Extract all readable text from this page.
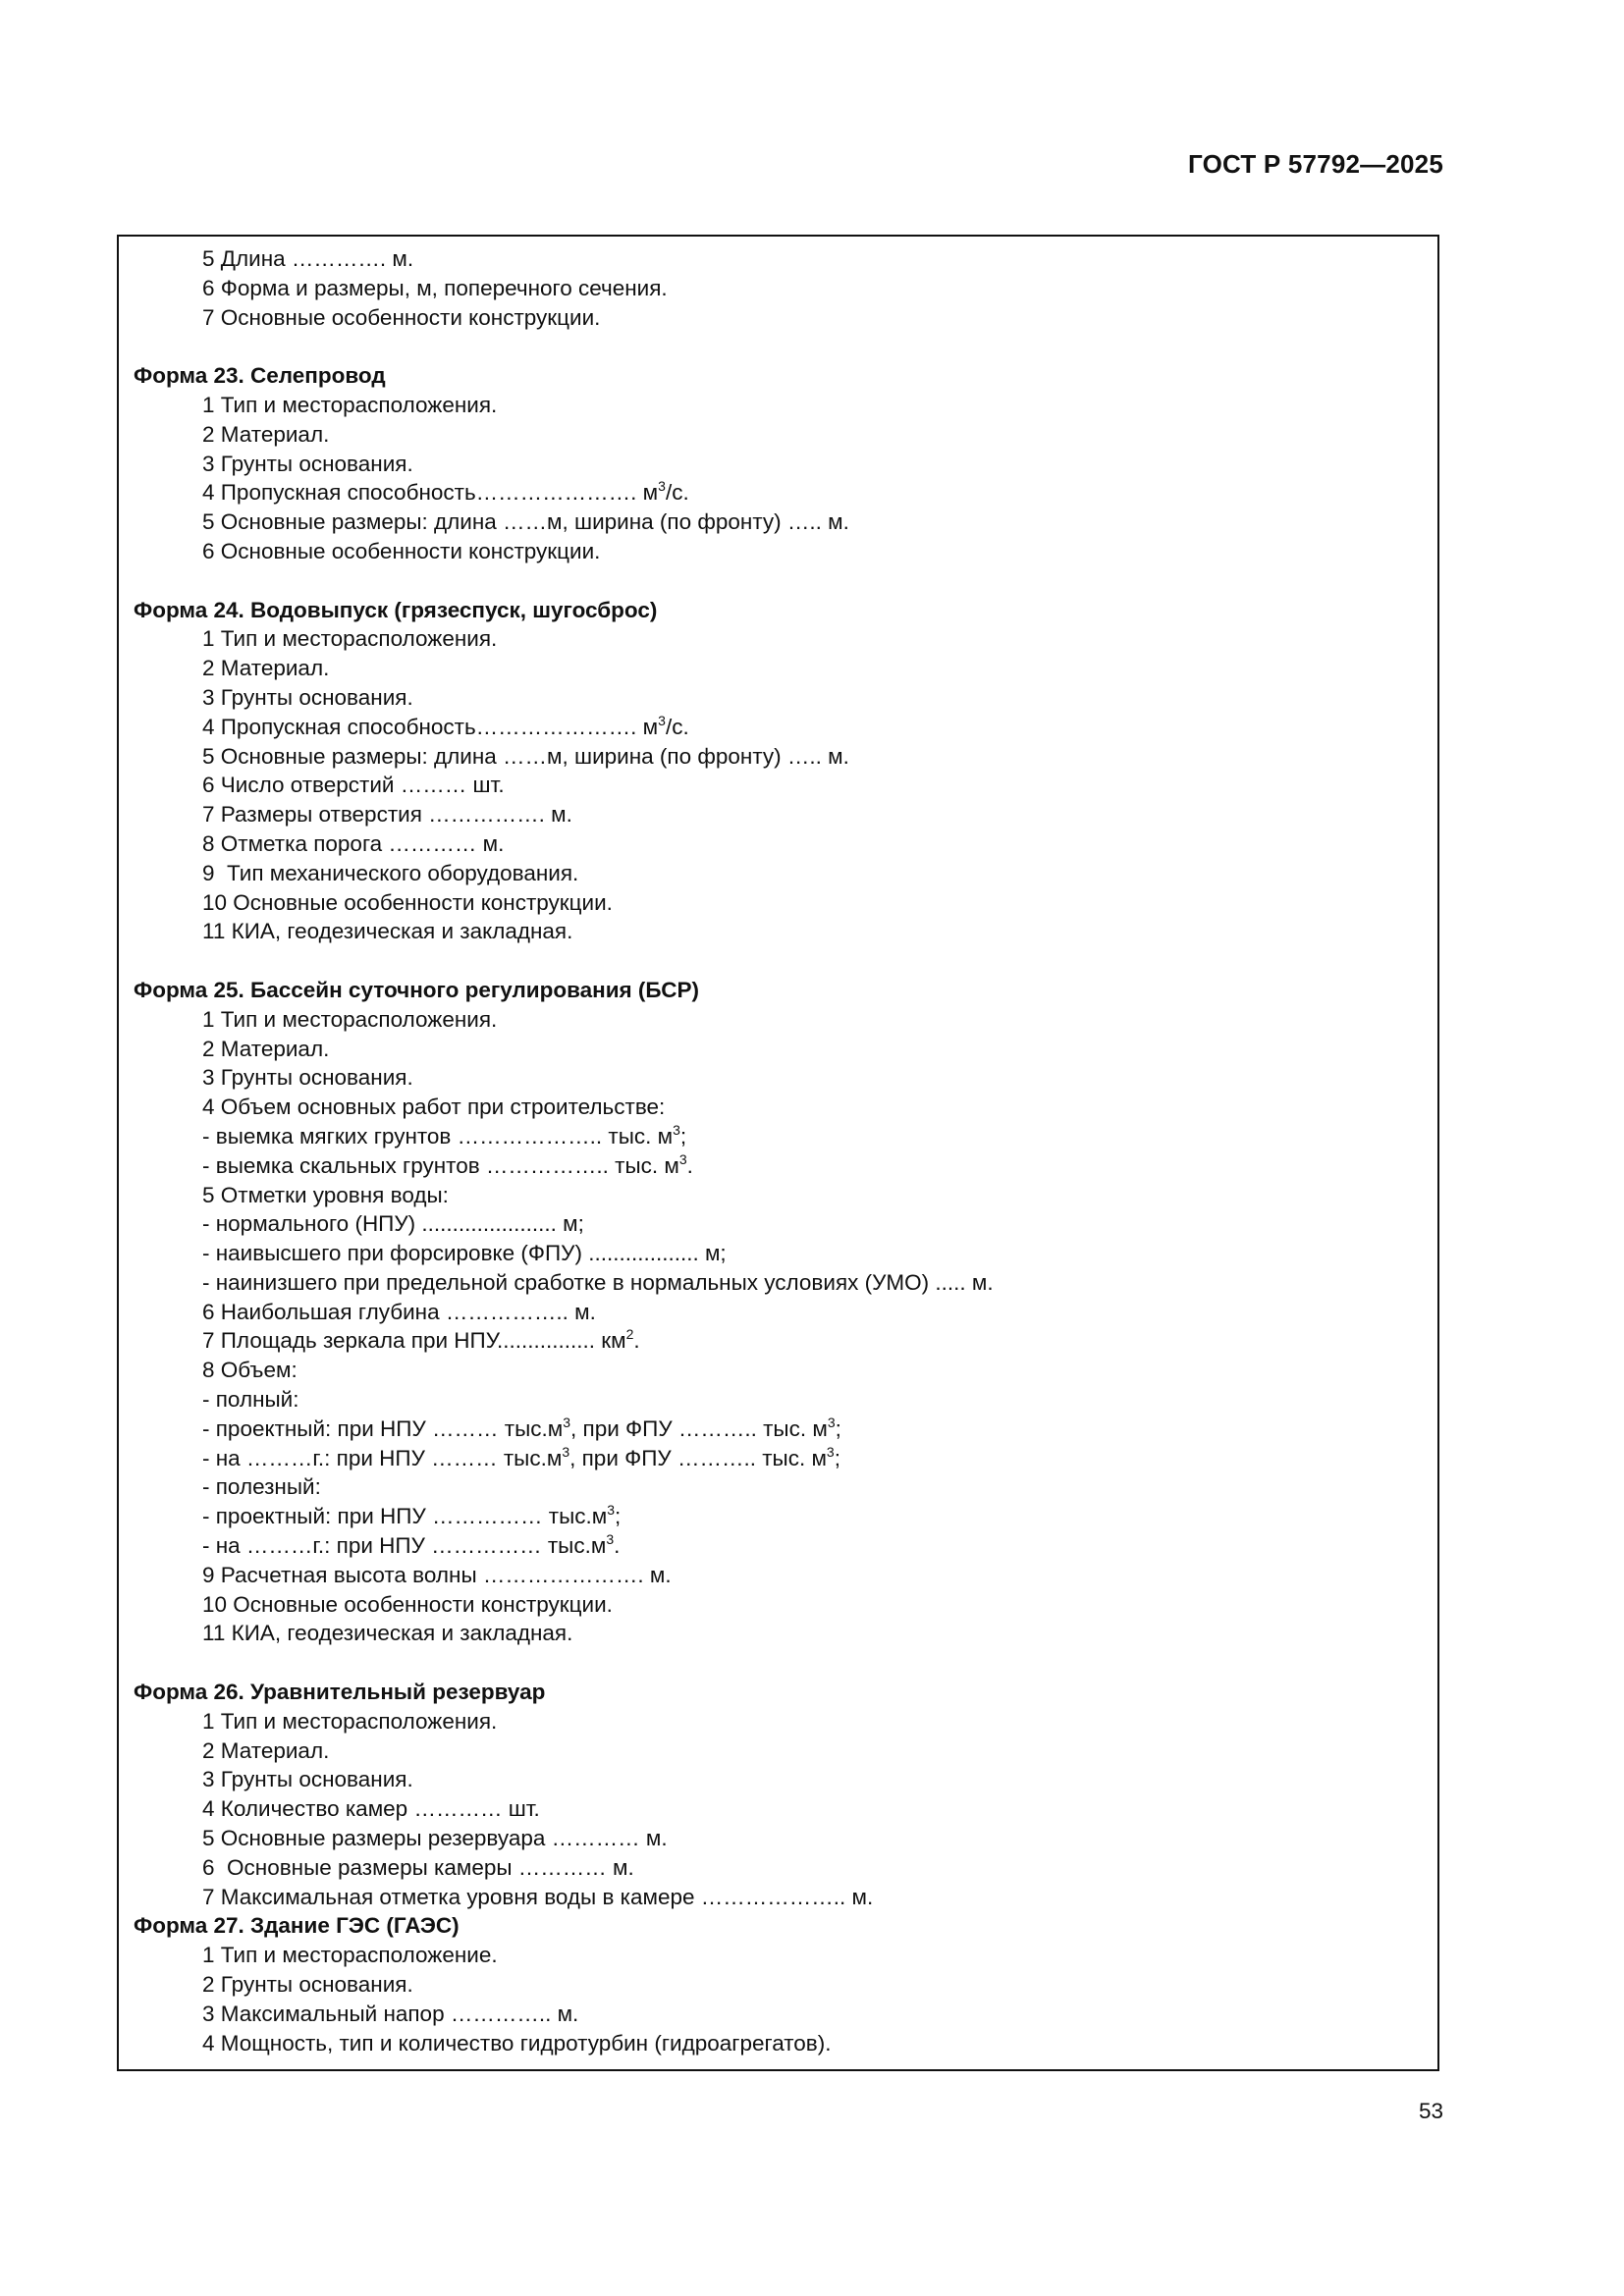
ГОСТ Р 57792—2025
5 Длина …………. м.
6 Форма и размеры, м, поперечного сечения.
7 Основные особенности конструкции.
Форма 23. Селепровод
1 Тип и месторасположения.
2 Материал.
3 Грунты основания.
4 Пропускная способность…………………. $м^3/с$.
5 Основные размеры: длина ……м, ширина (по фронту) ….. м.
6 Основные особенности конструкции.
Форма 24. Водовыпуск (грязеспуск, шугосброс)
1 Тип и месторасположения.
2 Материал.
3 Грунты основания.
4 Пропускная способность…………………. $м^3/с$.
5 Основные размеры: длина ……м, ширина (по фронту) ….. м.
6 Число отверстий ……… шт.
7 Размеры отверстия ……………. м.
8 Отметка порога ………… м.
9  Тип механического оборудования.
10 Основные особенности конструкции.
11 КИА, геодезическая и закладная.
Форма 25. Бассейн суточного регулирования (БСР)
1 Тип и месторасположения.
2 Материал.
3 Грунты основания.
4 Объем основных работ при строительстве:
- выемка мягких грунтов ……………….. тыс. $м^3$;
- выемка скальных грунтов …………….. тыс. $м^3$.
5 Отметки уровня воды:
- нормального (НПУ) ...................... м;
- наивысшего при форсировке (ФПУ) .................. м;
- наинизшего при предельной сработке в нормальных условиях (УМО) ..... м.
6 Наибольшая глубина …………….. м.
7 Площадь зеркала при НПУ................ $км^2$.
8 Объем:
- полный:
- проектный: при НПУ ……… $тыс.м^3$, при ФПУ ……….. тыс. $м^3$;
- на ………г.: при НПУ ……… $тыс.м^3$, при ФПУ ……….. тыс. $м^3$;
- полезный:
- проектный: при НПУ …………… $тыс.м^3$;
- на ………г.: при НПУ …………… $тыс.м^3$.
9 Расчетная высота волны …………………. м.
10 Основные особенности конструкции.
11 КИА, геодезическая и закладная.
Форма 26. Уравнительный резервуар
1 Тип и месторасположения.
2 Материал.
3 Грунты основания.
4 Количество камер ………… шт.
5 Основные размеры резервуара ………… м.
6  Основные размеры камеры ………… м.
7 Максимальная отметка уровня воды в камере ……………….. м.
Форма 27. Здание ГЭС (ГАЭС)
1 Тип и месторасположение.
2 Грунты основания.
3 Максимальный напор ………….. м.
4 Мощность, тип и количество гидротурбин (гидроагрегатов).
53
